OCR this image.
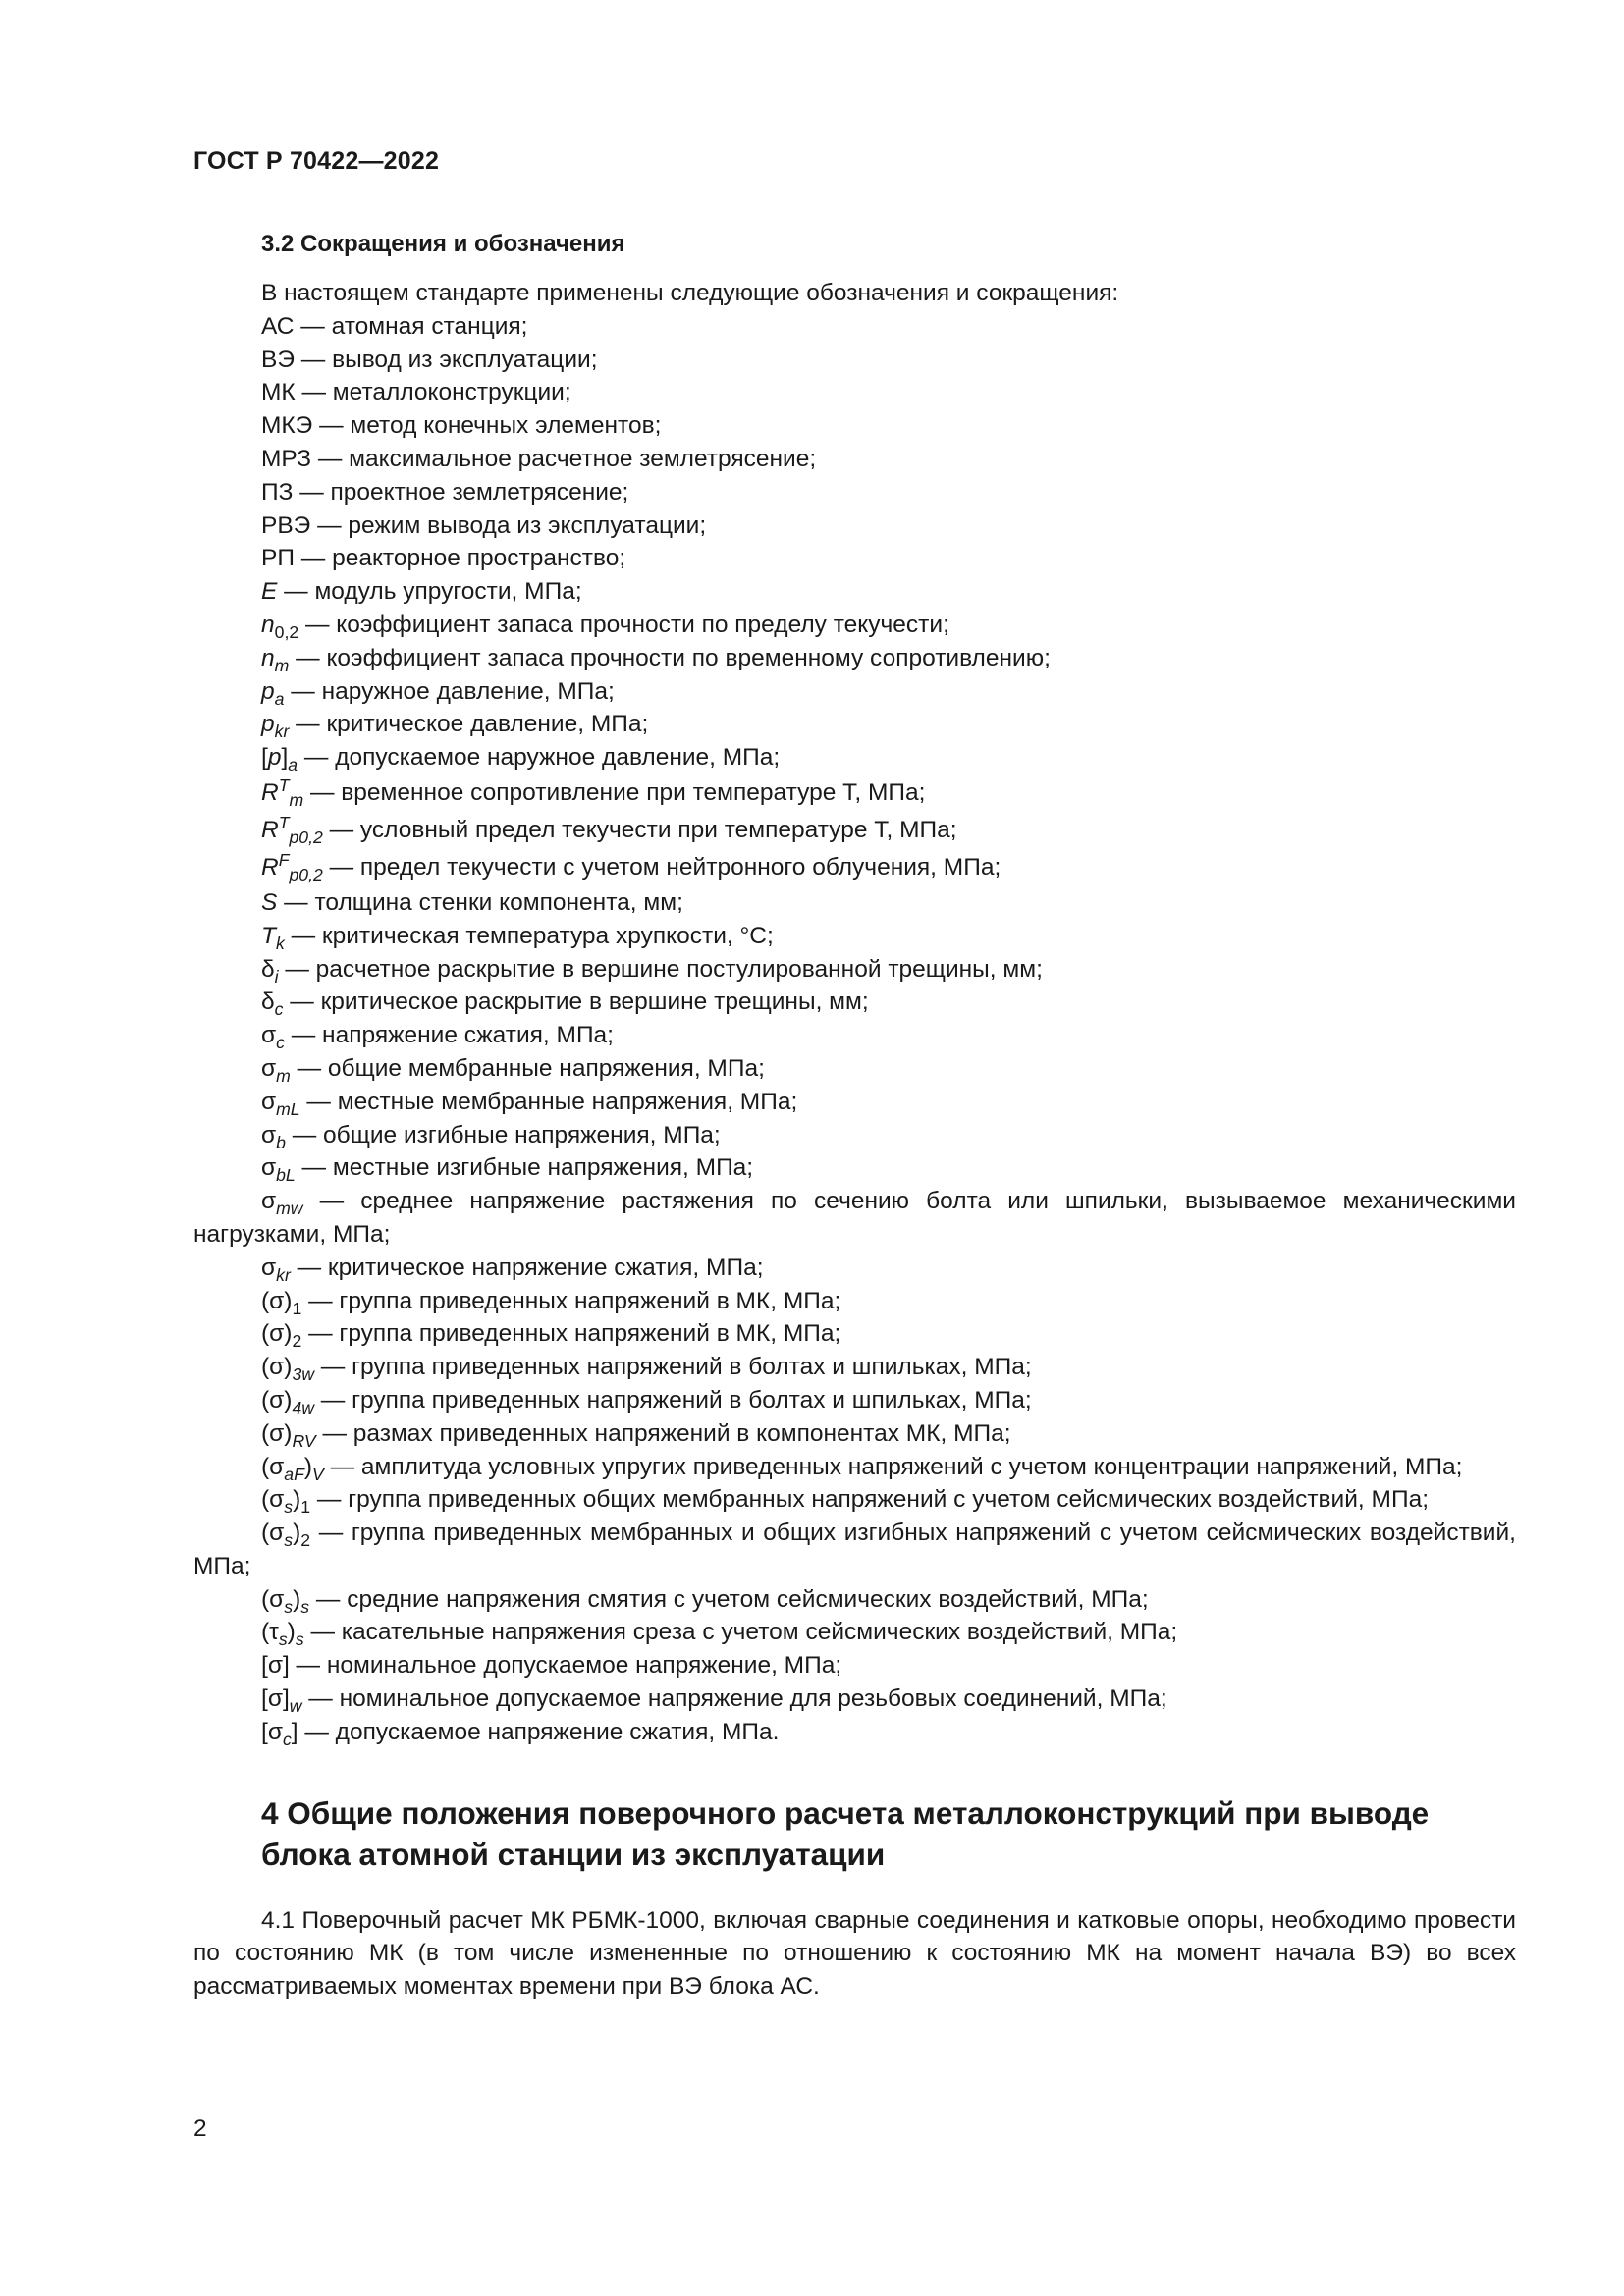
ГОСТ Р 70422—2022
3.2 Сокращения и обозначения

В настоящем стандарте применены следующие обозначения и сокращения:

АС — атомная станция;
ВЭ — вывод из эксплуатации;
МК — металлоконструкции;
МКЭ — метод конечных элементов;
МРЗ — максимальное расчетное землетрясение;
ПЗ — проектное землетрясение;
РВЭ — режим вывода из эксплуатации;
РП — реакторное пространство;
E — модуль упругости, МПа;
$n_{0,2}$ — коэффициент запаса прочности по пределу текучести;
$n_m$ — коэффициент запаса прочности по временному сопротивлению;
$p_a$ — наружное давление, МПа;
$p_{kr}$ — критическое давление, МПа;
$[p]_a$ — допускаемое наружное давление, МПа;
$R^T_m$ — временное сопротивление при температуре T, МПа;
$R^T_{p0,2}$ — условный предел текучести при температуре T, МПа;
$R^F_{p0,2}$ — предел текучести с учетом нейтронного облучения, МПа;
S — толщина стенки компонента, мм;
$T_k$ — критическая температура хрупкости, °С;
$\delta_i$ — расчетное раскрытие в вершине постулированной трещины, мм;
$\delta_c$ — критическое раскрытие в вершине трещины, мм;
$\sigma_c$ — напряжение сжатия, МПа;
$\sigma_m$ — общие мембранные напряжения, МПа;
$\sigma_{mL}$ — местные мембранные напряжения, МПа;
$\sigma_b$ — общие изгибные напряжения, МПа;
$\sigma_{bL}$ — местные изгибные напряжения, МПа;
$\sigma_{mw}$ — среднее напряжение растяжения по сечению болта или шпильки, вызываемое механическими нагрузками, МПа;
$\sigma_{kr}$ — критическое напряжение сжатия, МПа;
$(\sigma)_1$ — группа приведенных напряжений в МК, МПа;
$(\sigma)_2$ — группа приведенных напряжений в МК, МПа;
$(\sigma)_{3w}$ — группа приведенных напряжений в болтах и шпильках, МПа;
$(\sigma)_{4w}$ — группа приведенных напряжений в болтах и шпильках, МПа;
$(\sigma)_{RV}$ — размах приведенных напряжений в компонентах МК, МПа;
$(\sigma_{aF})_V$ — амплитуда условных упругих приведенных напряжений с учетом концентрации напряжений, МПа;
$(\sigma_s)_1$ — группа приведенных общих мембранных напряжений с учетом сейсмических воздействий, МПа;
$(\sigma_s)_2$ — группа приведенных мембранных и общих изгибных напряжений с учетом сейсмических воздействий, МПа;
$(\sigma_s)_s$ — средние напряжения смятия с учетом сейсмических воздействий, МПа;
$(\tau_s)_s$ — касательные напряжения среза с учетом сейсмических воздействий, МПа;
[σ] — номинальное допускаемое напряжение, МПа;
$[\sigma]_w$ — номинальное допускаемое напряжение для резьбовых соединений, МПа;
$[\sigma_c]$ — допускаемое напряжение сжатия, МПа.
4 Общие положения поверочного расчета металлоконструкций при выводе блока атомной станции из эксплуатации

4.1 Поверочный расчет МК РБМК-1000, включая сварные соединения и катковые опоры, необходимо провести по состоянию МК (в том числе измененные по отношению к состоянию МК на момент начала ВЭ) во всех рассматриваемых моментах времени при ВЭ блока АС.

2
